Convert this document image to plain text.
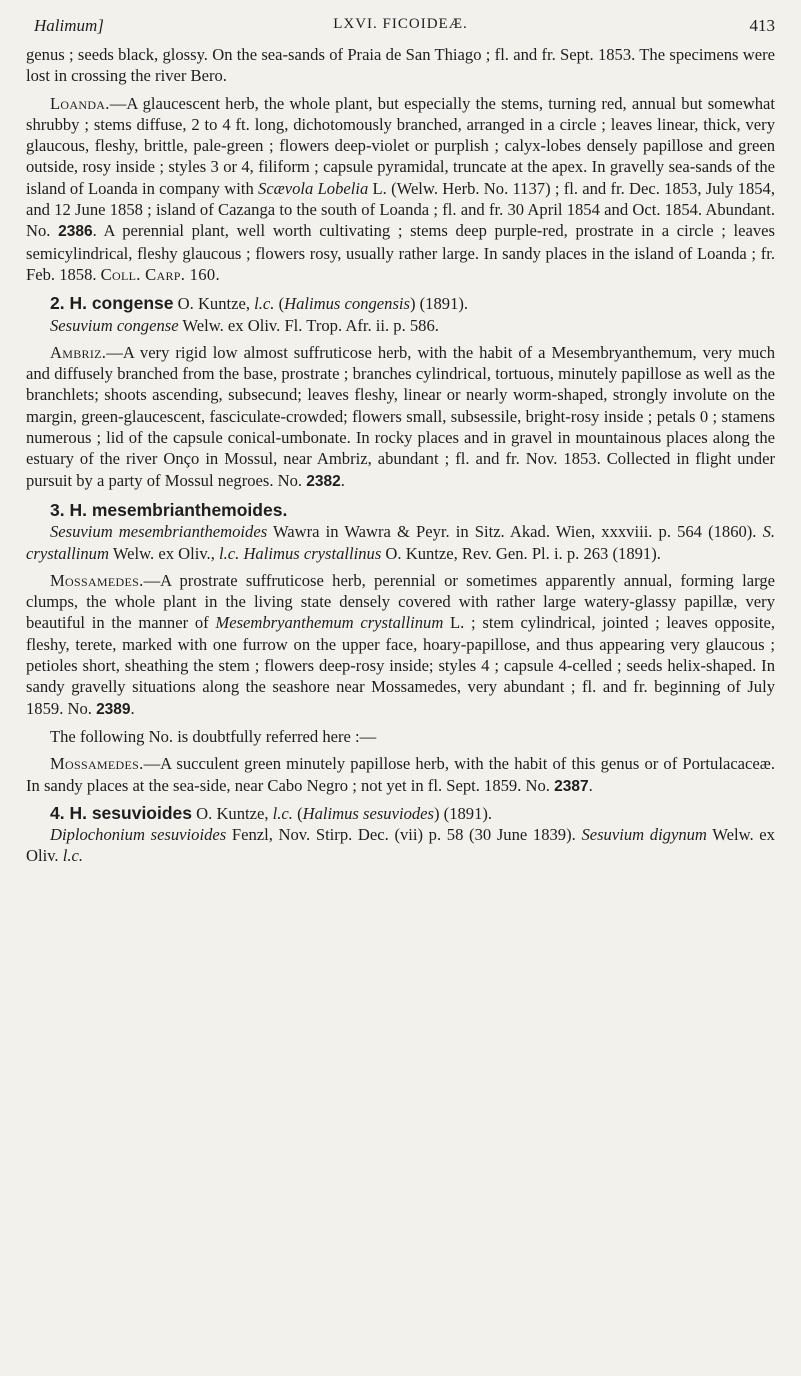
Halimum]	LXVI. FICOIDEÆ.	413

genus ; seeds black, glossy. On the sea-sands of Praia de San Thiago ; fl. and fr. Sept. 1853. The specimens were lost in crossing the river Bero.

Loanda.—A glaucescent herb, the whole plant, but especially the stems, turning red, annual but somewhat shrubby ; stems diffuse, 2 to 4 ft. long, dichotomously branched, arranged in a circle ; leaves linear, thick, very glaucous, fleshy, brittle, pale-green ; flowers deep-violet or purplish ; calyx-lobes densely papillose and green outside, rosy inside ; styles 3 or 4, filiform ; capsule pyramidal, truncate at the apex. In gravelly sea-sands of the island of Loanda in company with Scævola Lobelia L. (Welw. Herb. No. 1137) ; fl. and fr. Dec. 1853, July 1854, and 12 June 1858 ; island of Cazanga to the south of Loanda ; fl. and fr. 30 April 1854 and Oct. 1854. Abundant. No. 2386. A perennial plant, well worth cultivating ; stems deep purple-red, prostrate in a circle ; leaves semicylindrical, fleshy glaucous ; flowers rosy, usually rather large. In sandy places in the island of Loanda ; fr. Feb. 1858. Coll. Carp. 160.

2. H. congense O. Kuntze, l.c. (Halimus congensis) (1891).
Sesuvium congense Welw. ex Oliv. Fl. Trop. Afr. ii. p. 586.

Ambriz.—A very rigid low almost suffruticose herb, with the habit of a Mesembryanthemum, very much and diffusely branched from the base, prostrate ; branches cylindrical, tortuous, minutely papillose as well as the branchlets; shoots ascending, subsecund; leaves fleshy, linear or nearly worm-shaped, strongly involute on the margin, green-glaucescent, fasciculate-crowded; flowers small, subsessile, bright-rosy inside ; petals 0 ; stamens numerous ; lid of the capsule conical-umbonate. In rocky places and in gravel in mountainous places along the estuary of the river Onço in Mossul, near Ambriz, abundant ; fl. and fr. Nov. 1853. Collected in flight under pursuit by a party of Mossul negroes. No. 2382.

3. H. mesembrianthemoides.
Sesuvium mesembrianthemoides Wawra in Wawra & Peyr. in Sitz. Akad. Wien, xxxviii. p. 564 (1860). S. crystallinum Welw. ex Oliv., l.c. Halimus crystallinus O. Kuntze, Rev. Gen. Pl. i. p. 263 (1891).

Mossamedes.—A prostrate suffruticose herb, perennial or sometimes apparently annual, forming large clumps, the whole plant in the living state densely covered with rather large watery-glassy papillæ, very beautiful in the manner of Mesembryanthemum crystallinum L. ; stem cylindrical, jointed ; leaves opposite, fleshy, terete, marked with one furrow on the upper face, hoary-papillose, and thus appearing very glaucous ; petioles short, sheathing the stem ; flowers deep-rosy inside; styles 4 ; capsule 4-celled ; seeds helix-shaped. In sandy gravelly situations along the seashore near Mossamedes, very abundant ; fl. and fr. beginning of July 1859. No. 2389.

The following No. is doubtfully referred here :—

Mossamedes.—A succulent green minutely papillose herb, with the habit of this genus or of Portulacaceæ. In sandy places at the sea-side, near Cabo Negro ; not yet in fl. Sept. 1859. No. 2387.

4. H. sesuvioides O. Kuntze, l.c. (Halimus sesuviodes) (1891).
Diplochonium sesuvioides Fenzl, Nov. Stirp. Dec. (vii) p. 58 (30 June 1839). Sesuvium digynum Welw. ex Oliv. l.c.
